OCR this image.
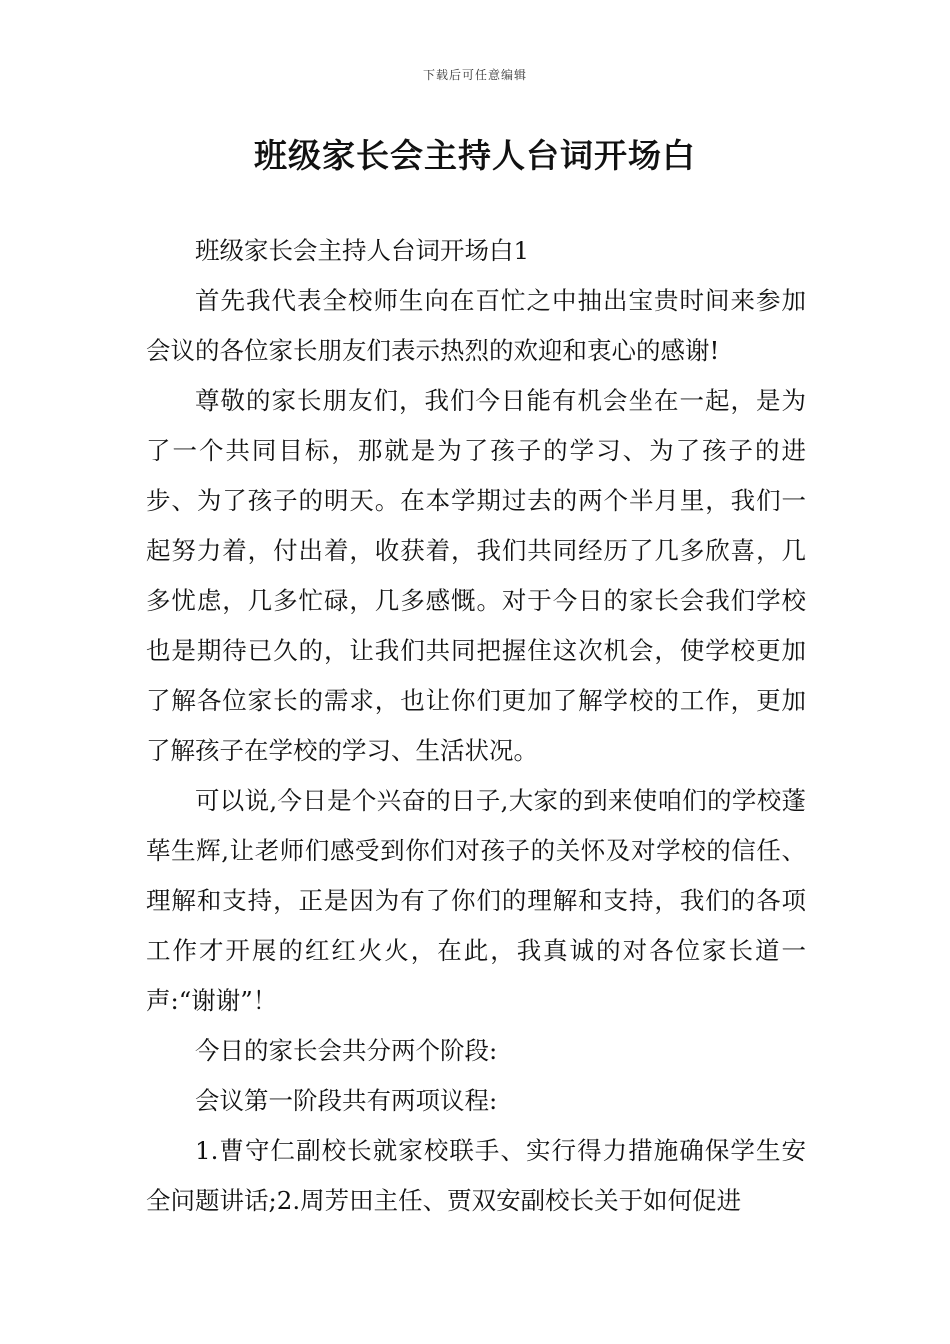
下载后可任意编辑
班级家长会主持人台词开场白

班级家长会主持人台词开场白1

首先我代表全校师生向在百忙之中抽出宝贵时间来参加会议的各位家长朋友们表示热烈的欢迎和衷心的感谢!

尊敬的家长朋友们，我们今日能有机会坐在一起，是为了一个共同目标，那就是为了孩子的学习、为了孩子的进步、为了孩子的明天。在本学期过去的两个半月里，我们一起努力着，付出着，收获着，我们共同经历了几多欣喜，几多忧虑，几多忙碌，几多感慨。对于今日的家长会我们学校也是期待已久的，让我们共同把握住这次机会，使学校更加了解各位家长的需求，也让你们更加了解学校的工作，更加了解孩子在学校的学习、生活状况。

可以说,今日是个兴奋的日子,大家的到来使咱们的学校蓬荜生辉,让老师们感受到你们对孩子的关怀及对学校的信任、理解和支持，正是因为有了你们的理解和支持，我们的各项工作才开展的红红火火，在此，我真诚的对各位家长道一声:“谢谢”！

今日的家长会共分两个阶段:

会议第一阶段共有两项议程:

1.曹守仁副校长就家校联手、实行得力措施确保学生安全问题讲话;2.周芳田主任、贾双安副校长关于如何促进
